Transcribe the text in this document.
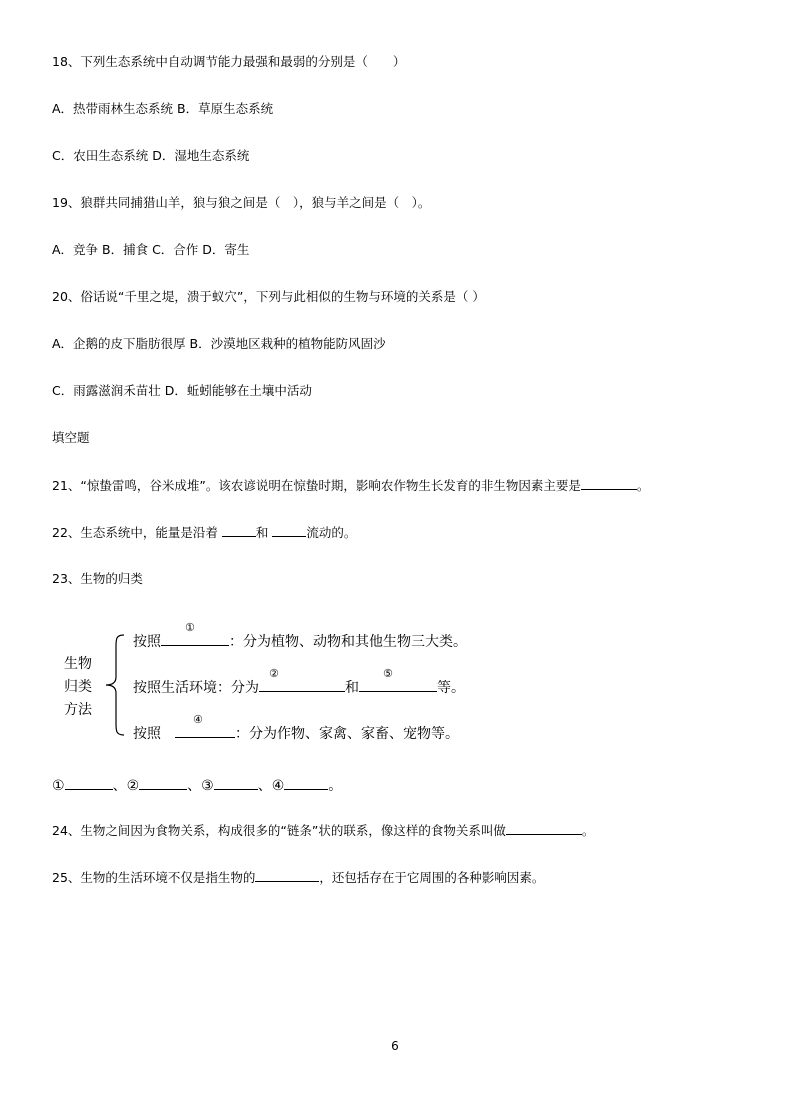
18、下列生态系统中自动调节能力最强和最弱的分别是（　　）
A．热带雨林生态系统 B．草原生态系统
C．农田生态系统 D．湿地生态系统
19、狼群共同捕猎山羊，狼与狼之间是（　），狼与羊之间是（　）。
A．竞争 B．捕食 C．合作 D．寄生
20、俗话说“千里之堤，溃于蚁穴”，下列与此相似的生物与环境的关系是（ ）
A．企鹅的皮下脂肪很厚 B．沙漠地区栽种的植物能防风固沙
C．雨露滋润禾苗壮 D．蚯蚓能够在土壤中活动
填空题
21、“惊蛰雷鸣，谷米成堆”。该农谚说明在惊蛰时期，影响农作物生长发育的非生物因素主要是	。
22、生态系统中，能量是沿着	和	流动的。
23、生物的归类
生物归类方法
按照
①
：分为植物、动物和其他生物三大类。
按照生活环境：分为
②
和
⑤
等。
按照　
④
：分为作物、家禽、家畜、宠物等。
①	、②	、③	、④	。
24、生物之间因为食物关系，构成很多的“链条”状的联系，像这样的食物关系叫做	。
25、生物的生活环境不仅是指生物的	，还包括存在于它周围的各种影响因素。
6
